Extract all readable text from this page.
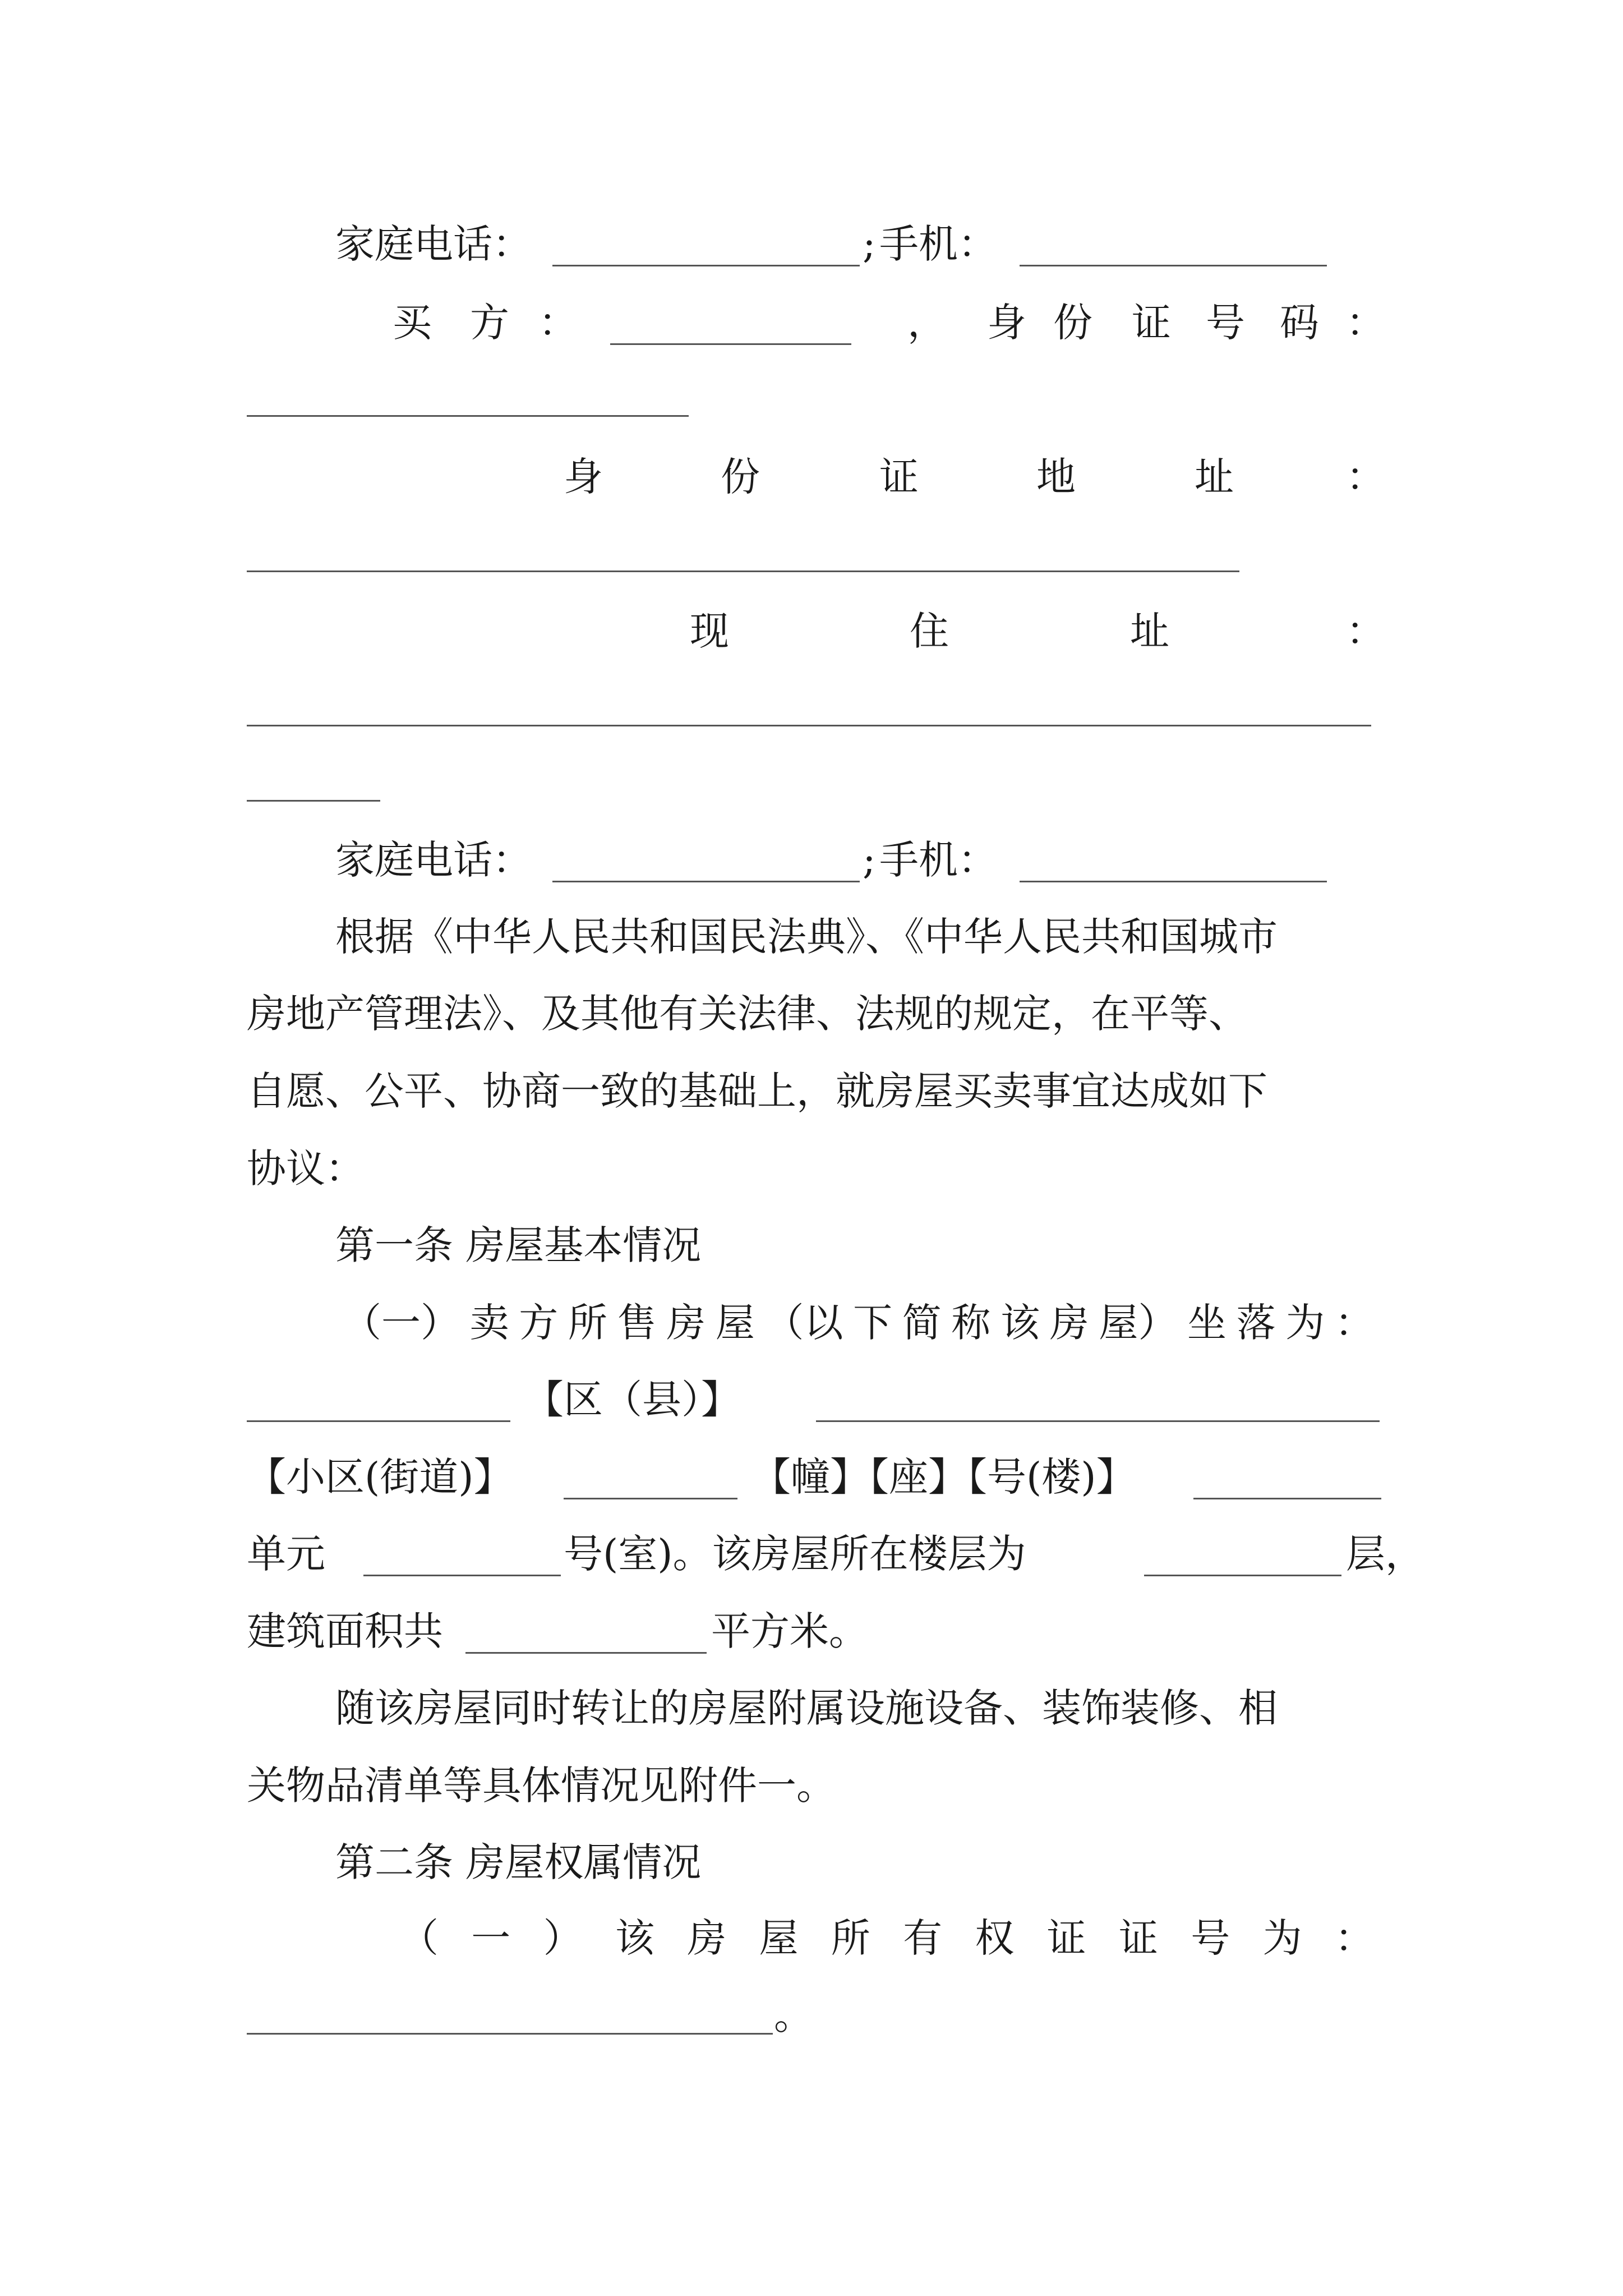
家庭电话：	; 手机：
买 方 ：	， 身 份 证 号 码 ：
身	份	证	地	址	：
现	住	址	：
家庭电话：	; 手机：
根据《中华人民共和国民法典》、《中华人民共和国城市
房地产管理法》、及其他有关法律、法规的规定，在平等、
自愿、公平、协商一致的基础上，就房屋买卖事宜达成如下
协议：
第一条 房屋基本情况
（一） 卖 方 所 售 房 屋 （以 下 简 称 该 房 屋） 坐 落 为 ：
【区（县）】
【小区(街道)】	【幢】【座】【号(楼)】
单元	号(室)。该房屋所在楼层为	层，
建筑面积共	平方米。
随该房屋同时转让的房屋附属设施设备、装饰装修、相
关物品清单等具体情况见附件一。
第二条 房屋权属情况
（ 一 ） 该 房 屋 所 有 权 证 证 号 为 ：
。
